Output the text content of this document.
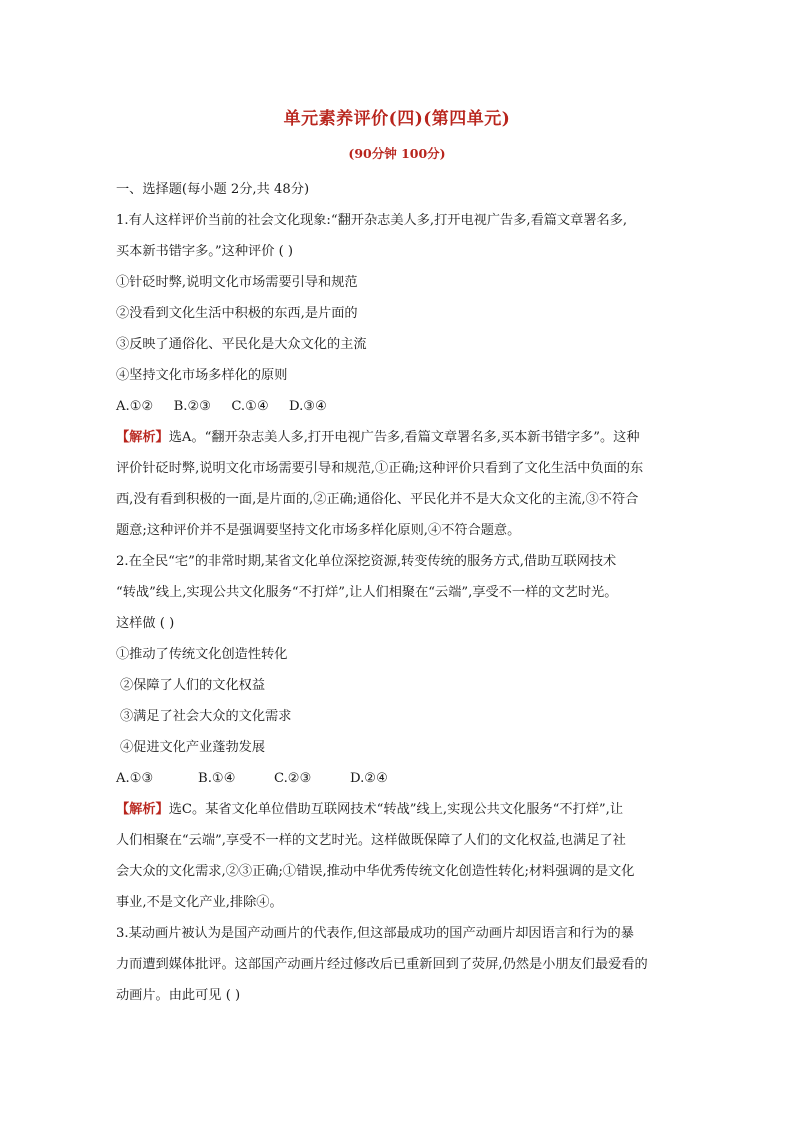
单元素养评价(四)(第四单元)
(90分钟 100分)
一、选择题(每小题 2分,共 48分)
1.有人这样评价当前的社会文化现象:“翻开杂志美人多,打开电视广告多,看篇文章署名多,
买本新书错字多。”这种评价 ( )
①针砭时弊,说明文化市场需要引导和规范
②没看到文化生活中积极的东西,是片面的
③反映了通俗化、平民化是大众文化的主流
④坚持文化市场多样化的原则
A.①② B.②③ C.①④ D.③④
【解析】选A。“翻开杂志美人多,打开电视广告多,看篇文章署名多,买本新书错字多”。这种
评价针砭时弊,说明文化市场需要引导和规范,①正确;这种评价只看到了文化生活中负面的东
西,没有看到积极的一面,是片面的,②正确;通俗化、平民化并不是大众文化的主流,③不符合
题意;这种评价并不是强调要坚持文化市场多样化原则,④不符合题意。
2.在全民“宅”的非常时期,某省文化单位深挖资源,转变传统的服务方式,借助互联网技术
“转战”线上,实现公共文化服务“不打烊”,让人们相聚在“云端”,享受不一样的文艺时光。
这样做 ( )
①推动了传统文化创造性转化
②保障了人们的文化权益
③满足了社会大众的文化需求
④促进文化产业蓬勃发展
A.①③	B.①④	C.②③	D.②④
【解析】选C。某省文化单位借助互联网技术“转战”线上,实现公共文化服务“不打烊”,让
人们相聚在“云端”,享受不一样的文艺时光。这样做既保障了人们的文化权益,也满足了社
会大众的文化需求,②③正确;①错误,推动中华优秀传统文化创造性转化;材料强调的是文化
事业,不是文化产业,排除④。
3.某动画片被认为是国产动画片的代表作,但这部最成功的国产动画片却因语言和行为的暴
力而遭到媒体批评。这部国产动画片经过修改后已重新回到了荧屏,仍然是小朋友们最爱看的
动画片。由此可见 ( )
